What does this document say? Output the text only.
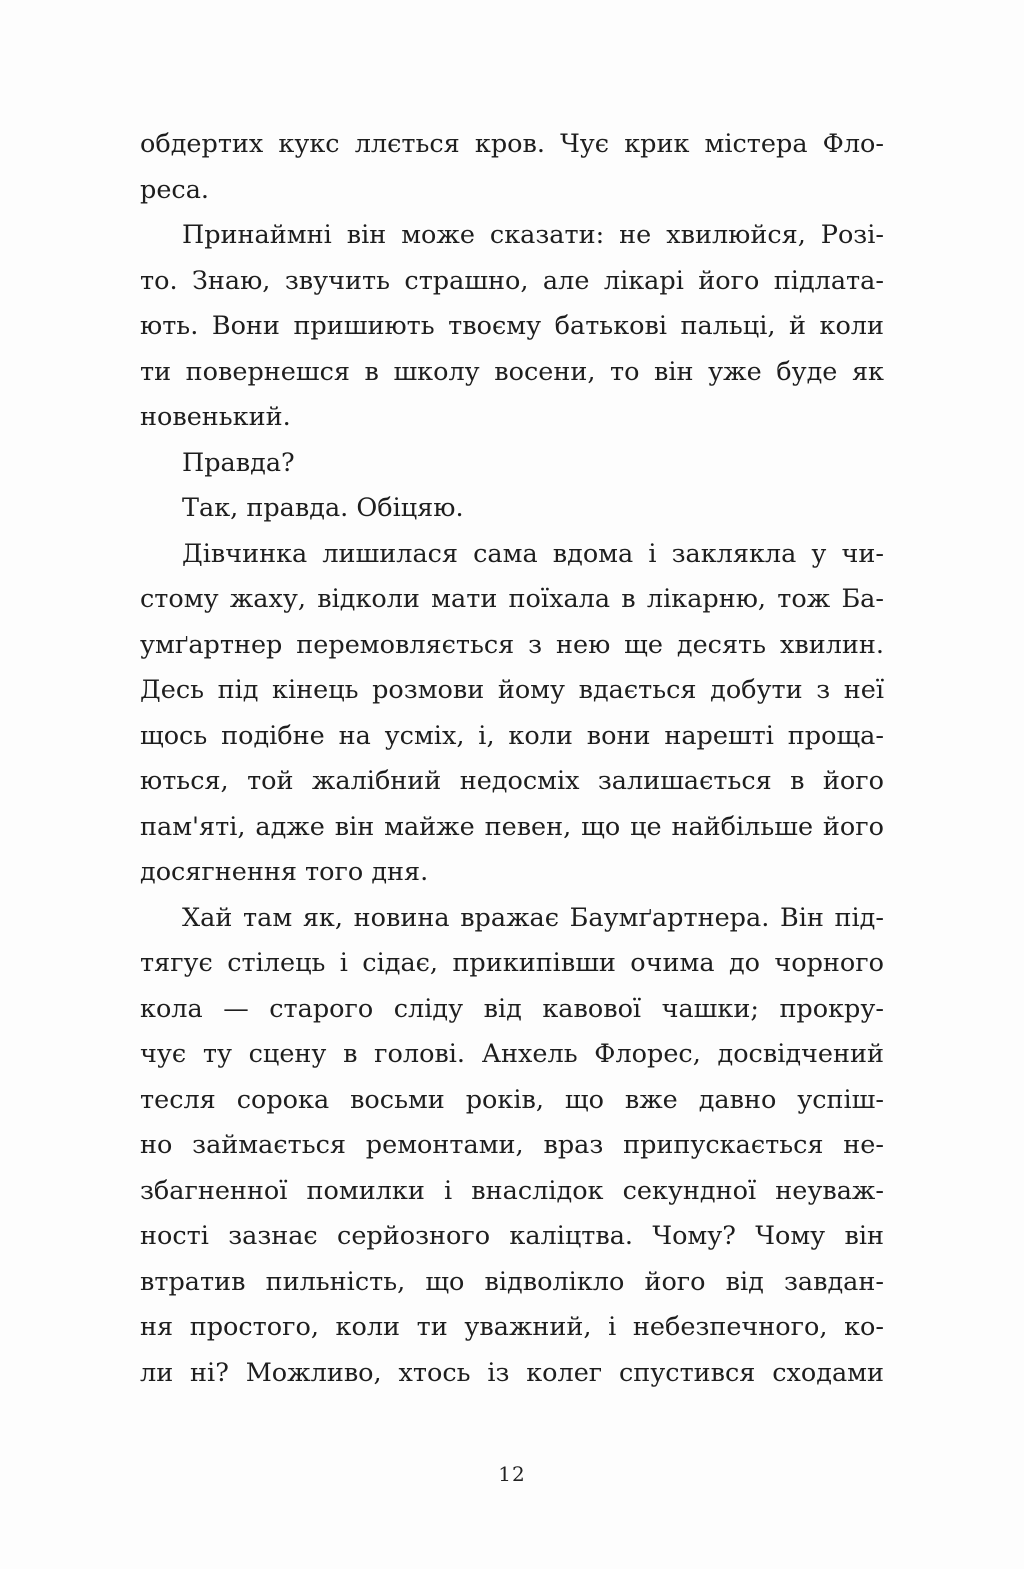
обдертих кукс ллється кров. Чує крик містера Фло-
реса.
Принаймні він може сказати: не хвилюйся, Розі-
то. Знаю, звучить страшно, але лікарі його підлата-
ють. Вони пришиють твоєму батькові пальці, й коли
ти повернешся в школу восени, то він уже буде як
новенький.
Правда?
Так, правда. Обіцяю.
Дівчинка лишилася сама вдома і заклякла у чи-
стому жаху, відколи мати поїхала в лікарню, тож Ба-
умґартнер перемовляється з нею ще десять хвилин.
Десь під кінець розмови йому вдається добути з неї
щось подібне на усміх, і, коли вони нарешті проща-
ються, той жалібний недосміх залишається в його
пам'яті, адже він майже певен, що це найбільше його
досягнення того дня.
Хай там як, новина вражає Баумґартнера. Він під-
тягує стілець і сідає, прикипівши очима до чорного
кола — старого сліду від кавової чашки; прокру-
чує ту сцену в голові. Анхель Флорес, досвідчений
тесля сорока восьми років, що вже давно успіш-
но займається ремонтами, враз припускається не-
збагненної помилки і внаслідок секундної неуваж-
ності зазнає серйозного каліцтва. Чому? Чому він
втратив пильність, що відволікло його від завдан-
ня простого, коли ти уважний, і небезпечного, ко-
ли ні? Можливо, хтось із колег спустився сходами
12
